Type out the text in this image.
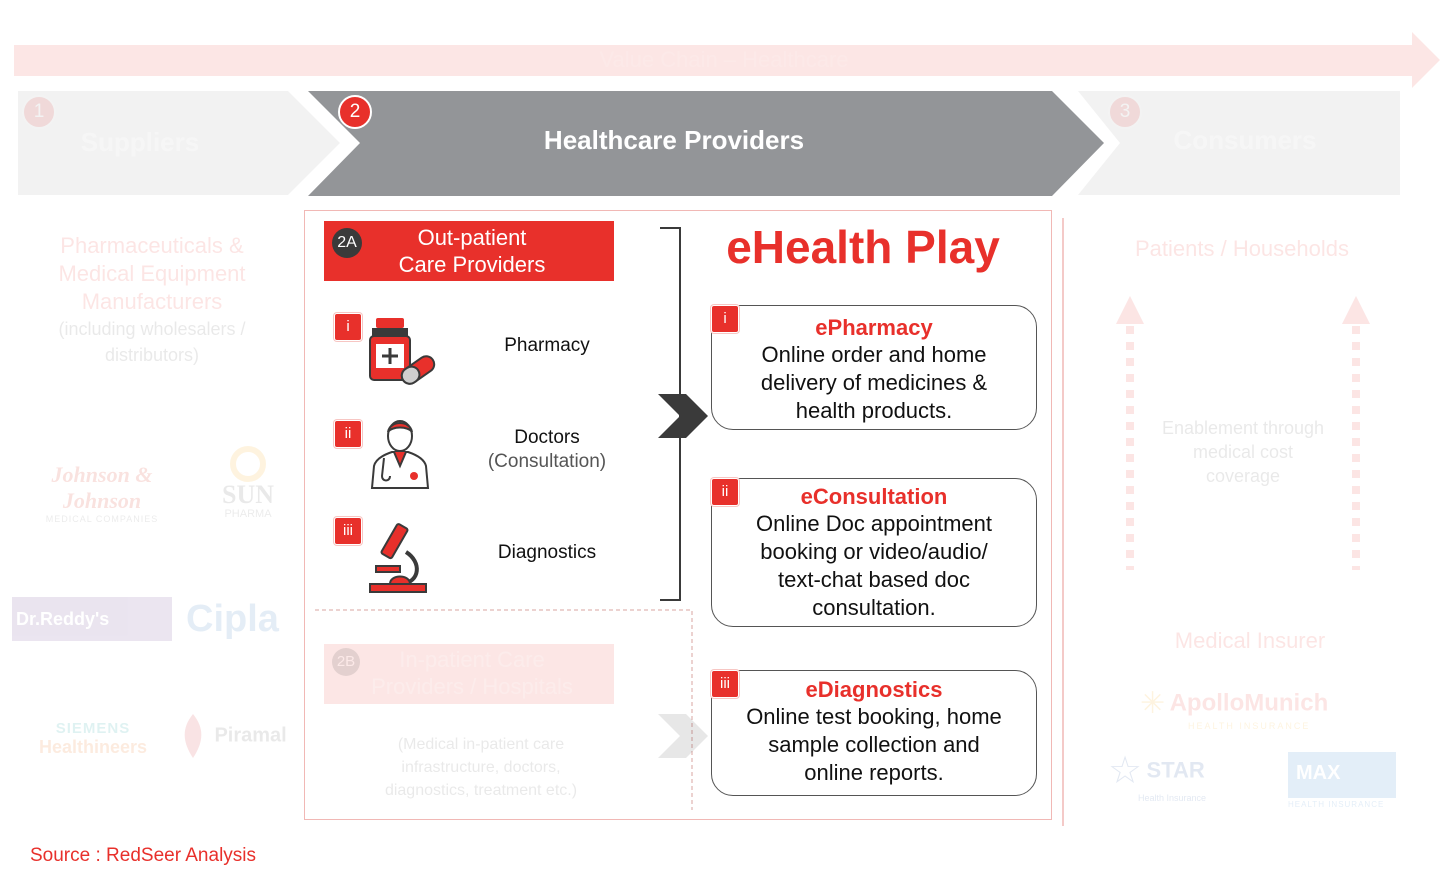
Value Chain – Healthcare
1
Suppliers
2
Healthcare Providers
3
Consumers
Pharmaceuticals &
Medical Equipment
Manufacturers
(including wholesalers /
distributors)
Johnson & Johnson
MEDICAL COMPANIES
SUN
PHARMA
Dr.Reddy's	Cipla
SIEMENS
Healthineers
Piramal
2A	Out-patient
Care Providers
i
Pharmacy
ii	Doctors
(Consultation)
iii
Diagnostics
eHealth Play
ePharmacy
Online order and home
delivery of medicines &
health products.
i
eConsultation
Online Doc appointment
booking or video/audio/
text-chat based doc
consultation.
ii
eDiagnostics
Online test booking, home
sample collection and
online reports.
iii
2B	In-patient Care
Providers / Hospitals
(Medical in-patient care
infrastructure, doctors,
diagnostics, treatment etc.)
Patients / Households
Enablement through
medical cost
coverage
Medical Insurer
✳ ApolloMunich
HEALTH INSURANCE
☆ STAR
Health Insurance
MAX
HEALTH INSURANCE
Source : RedSeer Analysis
